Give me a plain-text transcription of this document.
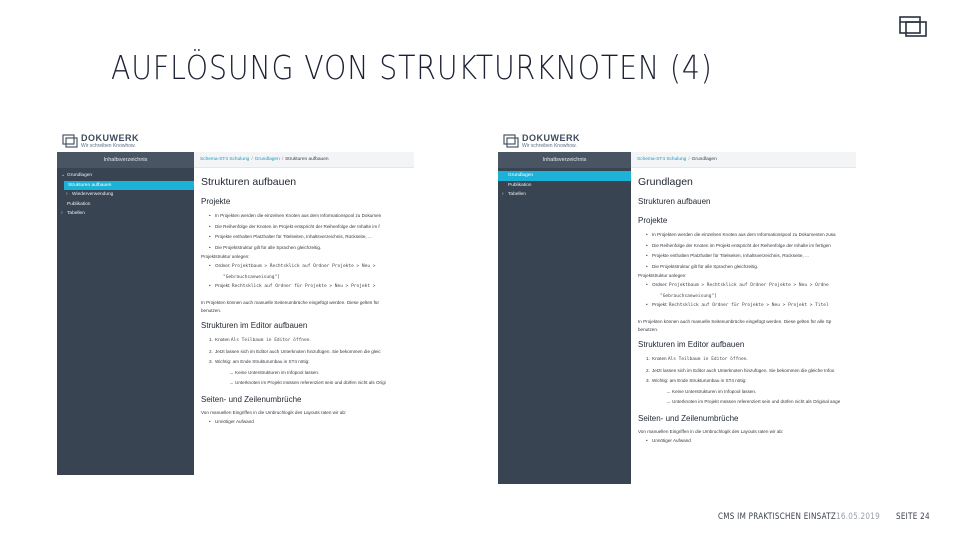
AUFLÖSUNG VON STRUKTURKNOTEN (4)
DOKUWERK
Wir schreiben Knowhow.
Inhaltsverzeichnis
⌄ Grundlagen
Strukturen aufbauen
› Wiederverwendung
Publikation
› Tabellen
Schema-ST4 Schulung / Grundlagen / Strukturen aufbauen
Strukturen aufbauen
Projekte
• In Projekten werden die einzelnen Knoten aus dem Informationspool zu Dokumen
• Die Reihenfolge der Knoten im Projekt entspricht der Reihenfolge der Inhalte im f
• Projekte enthalten Platzhalter für Titelseiten, Inhaltsverzeichnis, Rückseite, ...
• Die Projektstruktur gilt für alle Sprachen gleichzeitig.

Projektstruktur anlegen:

• Ordner: Projektbaum > Rechtsklick auf Ordner Projekte > Neu >
"Gebrauchsanweisung"]
• Projekt: Rechtsklick auf Ordner für Projekte > Neu > Projekt >

In Projekten können auch manuelle Seitenumbrüche eingefügt werden. Diese gelten für

benutzen.

Strukturen im Editor aufbauen
1. Knoten Als Teilbaum in Editor öffnen.
2. Jetzt lassen sich im Editor auch Unterknoten hinzufügen. Sie bekommen die gleic
3. Wichtig: am Ende Strukturumbau in ST4 nötig:
→Keine Unterstrukturen im Infopool lassen.
→Unterknoten im Projekt müssen referenziert sein und dürfen nicht als Origi
Seiten- und Zeilenumbrüche

Von manuellen Eingriffen in die Umbruchlogik des Layouts raten wir ab:

• Unnötiger Aufwand
DOKUWERK
Wir schreiben Knowhow.
Inhaltsverzeichnis
Grundlagen
Publikation
› Tabellen
Schema-ST4 Schulung / Grundlagen
Grundlagen
Strukturen aufbauen
Projekte
• In Projekten werden die einzelnen Knoten aus dem Informationspool zu Dokumenten zusa
• Die Reihenfolge der Knoten im Projekt entspricht der Reihenfolge der Inhalte im fertigen
• Projekte enthalten Platzhalter für Titelseiten, Inhaltsverzeichnis, Rückseite, ...
• Die Projektstruktur gilt für alle Sprachen gleichzeitig.

Projektstruktur anlegen:

• Ordner: Projektbaum > Rechtsklick auf Ordner Projekte > Neu > Ordne
"Gebrauchsanweisung"]
• Projekt: Rechtsklick auf Ordner für Projekte > Neu > Projekt > Titel

In Projekten können auch manuelle Seitenumbrüche eingefügt werden. Diese gelten für alle Sp

benutzen.

Strukturen im Editor aufbauen
1. Knoten Als Teilbaum in Editor öffnen.
2. Jetzt lassen sich im Editor auch Unterknoten hinzufügen. Sie bekommen die gleiche Infoo
3. Wichtig: am Ende Strukturumbau in ST4 nötig:
→Keine Unterstrukturen im Infopool lassen.
→Unterknoten im Projekt müssen referenziert sein und dürfen nicht als Original ange
Seiten- und Zeilenumbrüche

Von manuellen Eingriffen in die Umbruchlogik des Layouts raten wir ab:

• Unnötiger Aufwand
CMS IM PRAKTISCHEN EINSATZ 16.05.2019 SEITE 24
